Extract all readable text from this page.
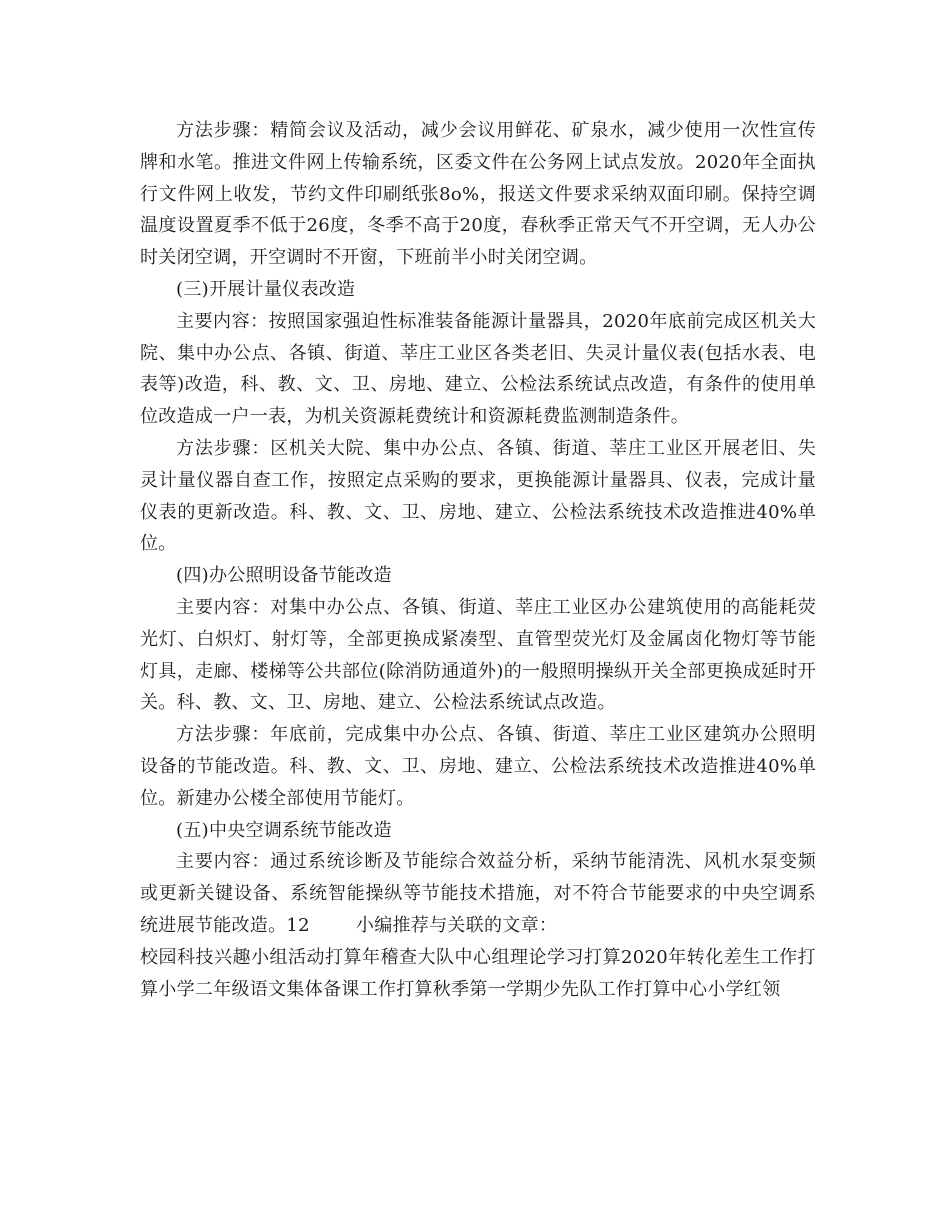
方法步骤：精简会议及活动，减少会议用鲜花、矿泉水，减少使用一次性宣传牌和水笔。推进文件网上传输系统，区委文件在公务网上试点发放。2020年全面执行文件网上收发，节约文件印刷纸张8o%，报送文件要求采纳双面印刷。保持空调温度设置夏季不低于26度，冬季不高于20度，春秋季正常天气不开空调，无人办公时关闭空调，开空调时不开窗，下班前半小时关闭空调。

(三)开展计量仪表改造

主要内容：按照国家强迫性标准装备能源计量器具，2020年底前完成区机关大院、集中办公点、各镇、街道、莘庄工业区各类老旧、失灵计量仪表(包括水表、电表等)改造，科、教、文、卫、房地、建立、公检法系统试点改造，有条件的使用单位改造成一户一表，为机关资源耗费统计和资源耗费监测制造条件。

方法步骤：区机关大院、集中办公点、各镇、街道、莘庄工业区开展老旧、失灵计量仪器自查工作，按照定点采购的要求，更换能源计量器具、仪表，完成计量仪表的更新改造。科、教、文、卫、房地、建立、公检法系统技术改造推进40%单位。

(四)办公照明设备节能改造

主要内容：对集中办公点、各镇、街道、莘庄工业区办公建筑使用的高能耗荧光灯、白炽灯、射灯等，全部更换成紧凑型、直管型荧光灯及金属卤化物灯等节能灯具，走廊、楼梯等公共部位(除消防通道外)的一般照明操纵开关全部更换成延时开关。科、教、文、卫、房地、建立、公检法系统试点改造。

方法步骤：年底前，完成集中办公点、各镇、街道、莘庄工业区建筑办公照明设备的节能改造。科、教、文、卫、房地、建立、公检法系统技术改造推进40%单位。新建办公楼全部使用节能灯。

(五)中央空调系统节能改造

主要内容：通过系统诊断及节能综合效益分析，采纳节能清洗、风机水泵变频或更新关键设备、系统智能操纵等节能技术措施，对不符合节能要求的中央空调系统进展节能改造。12	小编推荐与关联的文章：

校园科技兴趣小组活动打算年稽查大队中心组理论学习打算2020年转化差生工作打算小学二年级语文集体备课工作打算秋季第一学期少先队工作打算中心小学红领
